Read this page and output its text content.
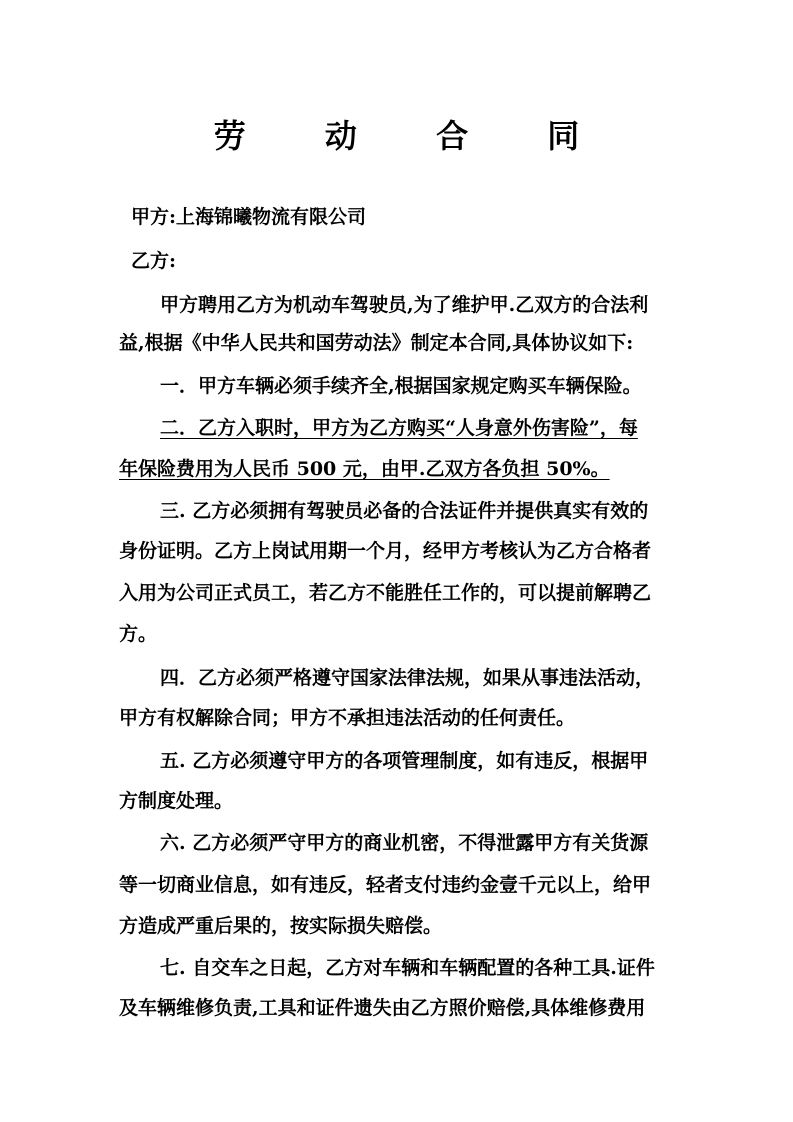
劳 动 合 同
甲方:上海锦曦物流有限公司
乙方:
甲方聘用乙方为机动车驾驶员,为了维护甲.乙双方的合法利
益,根据《中华人民共和国劳动法》制定本合同,具体协议如下:
一．甲方车辆必须手续齐全,根据国家规定购买车辆保险。
二．乙方入职时，甲方为乙方购买“人身意外伤害险”，每
年保险费用为人民币 500 元，由甲.乙双方各负担 50%。
三. 乙方必须拥有驾驶员必备的合法证件并提供真实有效的
身份证明。乙方上岗试用期一个月，经甲方考核认为乙方合格者
入用为公司正式员工，若乙方不能胜任工作的，可以提前解聘乙
方。
四．乙方必须严格遵守国家法律法规，如果从事违法活动，
甲方有权解除合同；甲方不承担违法活动的任何责任。
五. 乙方必须遵守甲方的各项管理制度，如有违反，根据甲
方制度处理。
六. 乙方必须严守甲方的商业机密，不得泄露甲方有关货源
等一切商业信息，如有违反，轻者支付违约金壹千元以上，给甲
方造成严重后果的，按实际损失赔偿。
七. 自交车之日起，乙方对车辆和车辆配置的各种工具.证件
及车辆维修负责,工具和证件遗失由乙方照价赔偿,具体维修费用
